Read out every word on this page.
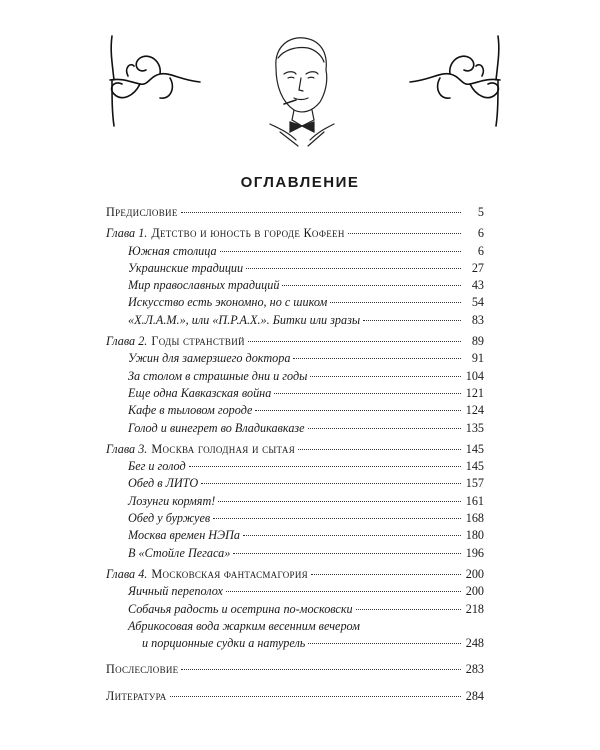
ОГЛАВЛЕНИЕ
Предисловие	5
Глава 1. Детство и юность в городе Кофеен	6
Южная столица	6
Украинские традиции	27
Мир православных традиций	43
Искусство есть экономно, но с шиком	54
«Х.Л.А.М.», или «П.Р.А.Х.». Битки или зразы	83
Глава 2. Годы странствий	89
Ужин для замерзшего доктора	91
За столом в страшные дни и годы	104
Еще одна Кавказская война	121
Кафе в тыловом городе	124
Голод и винегрет во Владикавказе	135
Глава 3. Москва голодная и сытая	145
Бег и голод	145
Обед в ЛИТО	157
Лозунги кормят!	161
Обед у буржуев	168
Москва времен НЭПа	180
В «Стойле Пегаса»	196
Глава 4. Московская фантасмагория	200
Яичный переполох	200
Собачья радость и осетрина по-московски	218
Абрикосовая вода жарким весенним вечером
и порционные судки а натурель	248
Послесловие	283
Литература	284
